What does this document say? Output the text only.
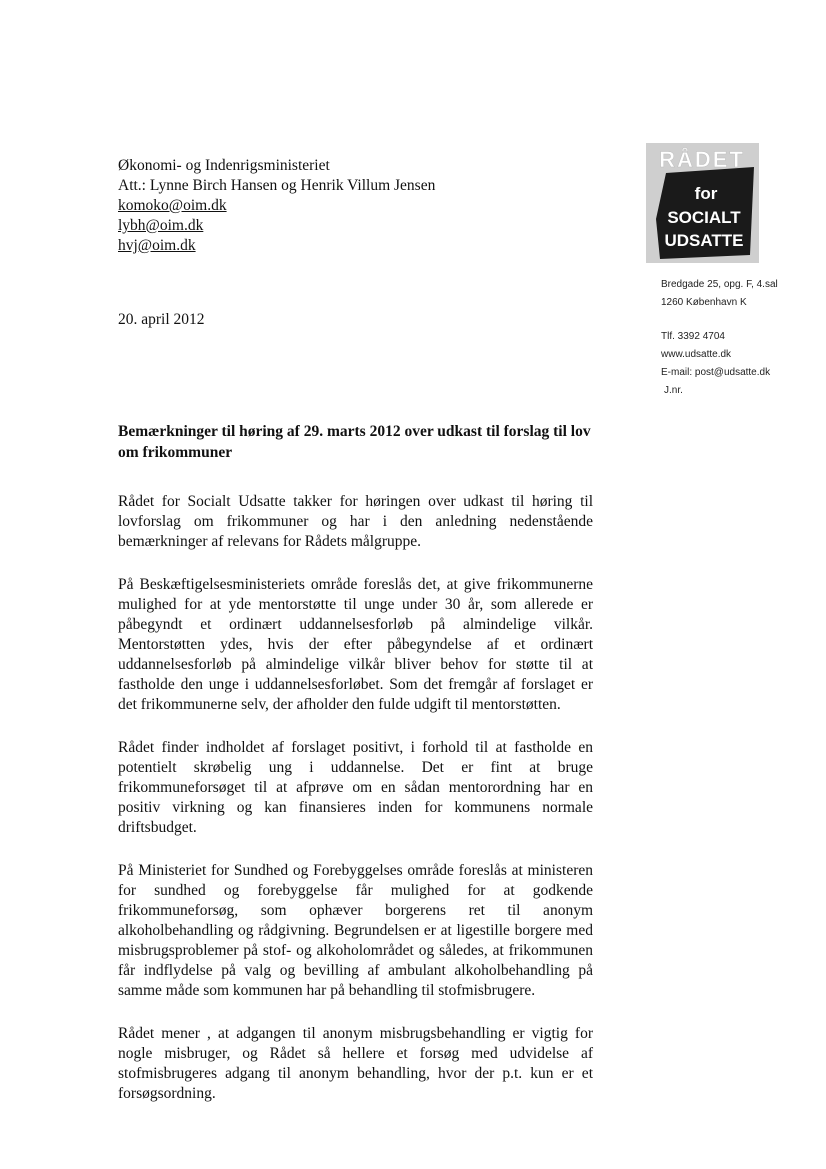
Økonomi- og Indenrigsministeriet
Att.: Lynne Birch Hansen og Henrik Villum Jensen
komoko@oim.dk
lybh@oim.dk
hvj@oim.dk
20. april 2012
RÅDET
for
SOCIALT
UDSATTE
Bredgade 25, opg. F, 4.sal
1260 København K
Tlf. 3392 4704
www.udsatte.dk
E-mail: post@udsatte.dk
J.nr.
Bemærkninger til høring af 29. marts 2012 over udkast til forslag til lov om frikommuner

Rådet for Socialt Udsatte takker for høringen over udkast til høring til lovforslag om frikommuner og har i den anledning nedenstående bemærkninger af relevans for Rådets målgruppe.

På Beskæftigelsesministeriets område foreslås det, at give frikommunerne mulighed for at yde mentorstøtte til unge under 30 år, som allerede er påbegyndt et ordinært uddannelsesforløb på almindelige vilkår. Mentorstøtten ydes, hvis der efter påbegyndelse af et ordinært uddannelsesforløb på almindelige vilkår bliver behov for støtte til at fastholde den unge i uddannelsesforløbet. Som det fremgår af forslaget er det frikommunerne selv, der afholder den fulde udgift til mentorstøtten.

Rådet finder indholdet af forslaget positivt, i forhold til at fastholde en potentielt skrøbelig ung i uddannelse. Det er fint at bruge frikommuneforsøget til at afprøve om en sådan mentorordning har en positiv virkning og kan finansieres inden for kommunens normale driftsbudget.

På Ministeriet for Sundhed og Forebyggelses område foreslås at ministeren for sundhed og forebyggelse får mulighed for at godkende frikommuneforsøg, som ophæver borgerens ret til anonym alkoholbehandling og rådgivning. Begrundelsen er at ligestille borgere med misbrugsproblemer på stof- og alkoholområdet og således, at frikommunen får indflydelse på valg og bevilling af ambulant alkoholbehandling på samme måde som kommunen har på behandling til stofmisbrugere.

Rådet mener , at adgangen til anonym misbrugsbehandling er vigtig for nogle misbruger, og Rådet så hellere et forsøg med udvidelse af stofmisbrugeres adgang til anonym behandling, hvor der p.t. kun er et forsøgsordning.
